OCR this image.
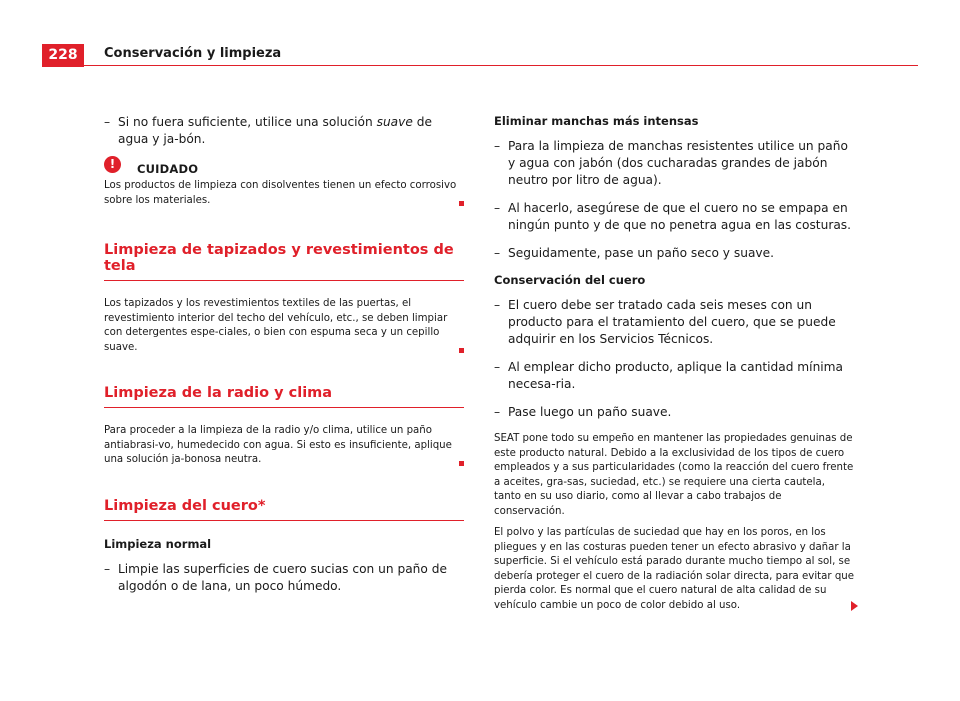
228	Conservación y limpieza
– Si no fuera suficiente, utilice una solución suave de agua y ja-bón.
!	CUIDADO

Los productos de limpieza con disolventes tienen un efecto corrosivo sobre los materiales.

Limpieza de tapizados y revestimientos de tela

Los tapizados y los revestimientos textiles de las puertas, el revestimiento interior del techo del vehículo, etc., se deben limpiar con detergentes espe-ciales, o bien con espuma seca y un cepillo suave.

Limpieza de la radio y clima

Para proceder a la limpieza de la radio y/o clima, utilice un paño antiabrasi-vo, humedecido con agua. Si esto es insuficiente, aplique una solución ja-bonosa neutra.

Limpieza del cuero*

Limpieza normal

– Limpie las superficies de cuero sucias con un paño de algodón o de lana, un poco húmedo.

Eliminar manchas más intensas

– Para la limpieza de manchas resistentes utilice un paño y agua con jabón (dos cucharadas grandes de jabón neutro por litro de agua).
– Al hacerlo, asegúrese de que el cuero no se empapa en ningún punto y de que no penetra agua en las costuras.
– Seguidamente, pase un paño seco y suave.

Conservación del cuero

– El cuero debe ser tratado cada seis meses con un producto para el tratamiento del cuero, que se puede adquirir en los Servicios Técnicos.
– Al emplear dicho producto, aplique la cantidad mínima necesa-ria.
– Pase luego un paño suave.

SEAT pone todo su empeño en mantener las propiedades genuinas de este producto natural. Debido a la exclusividad de los tipos de cuero empleados y a sus particularidades (como la reacción del cuero frente a aceites, gra-sas, suciedad, etc.) se requiere una cierta cautela, tanto en su uso diario, como al llevar a cabo trabajos de conservación.

El polvo y las partículas de suciedad que hay en los poros, en los pliegues y en las costuras pueden tener un efecto abrasivo y dañar la superficie. Si el vehículo está parado durante mucho tiempo al sol, se debería proteger el cuero de la radiación solar directa, para evitar que pierda color. Es normal que el cuero natural de alta calidad de su vehículo cambie un poco de color debido al uso.
